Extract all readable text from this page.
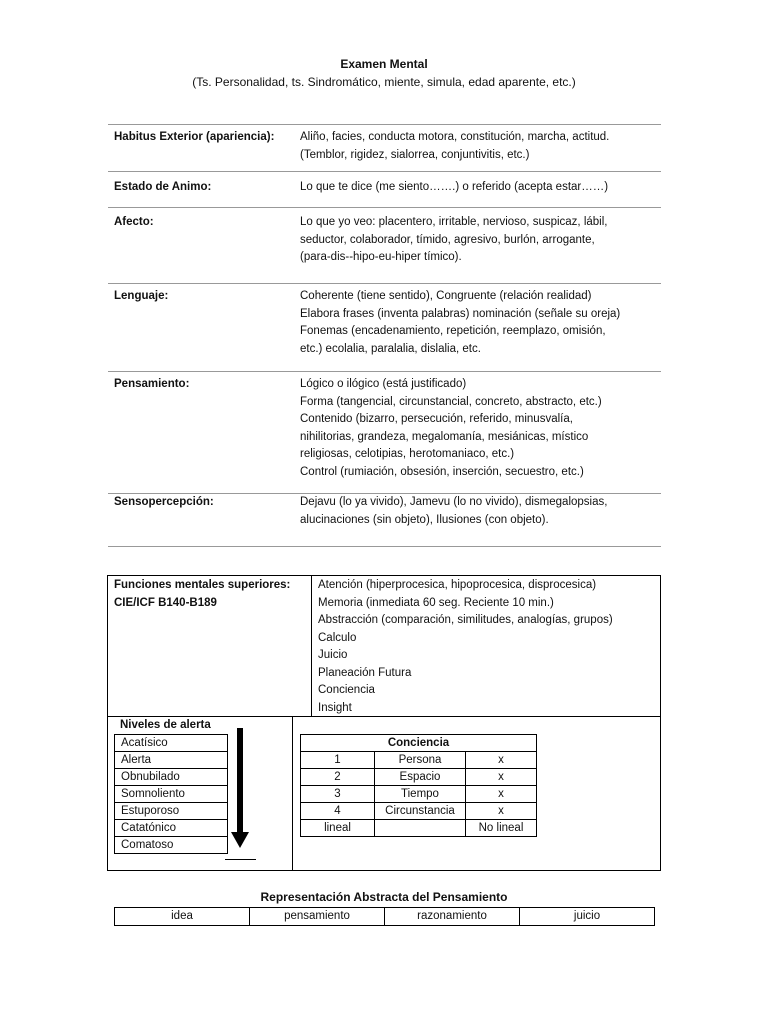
Examen Mental
(Ts. Personalidad, ts. Sindromático, miente, simula, edad aparente, etc.)
Habitus Exterior (apariencia):	Aliño, facies, conducta motora, constitución, marcha, actitud.
(Temblor, rigidez, sialorrea, conjuntivitis, etc.)
Estado de Animo:	Lo que te dice (me siento…….) o referido (acepta estar……)
Afecto:	Lo que yo veo: placentero, irritable, nervioso, suspicaz, lábil,
seductor, colaborador, tímido, agresivo, burlón, arrogante,
(para-dis--hipo-eu-hiper tímico).
Lenguaje:	Coherente (tiene sentido), Congruente (relación realidad)
Elabora frases (inventa palabras) nominación (señale su oreja)
Fonemas (encadenamiento, repetición, reemplazo, omisión,
etc.) ecolalia, paralalia, dislalia, etc.
Pensamiento:	Lógico o ilógico (está justificado)
Forma (tangencial, circunstancial, concreto, abstracto, etc.)
Contenido (bizarro, persecución, referido, minusvalía,
nihilitorias, grandeza, megalomanía, mesiánicas, místico
religiosas, celotipias, herotomaniaco, etc.)
Control (rumiación, obsesión, inserción, secuestro, etc.)
Sensopercepción:	Dejavu (lo ya vivido), Jamevu (lo no vivido), dismegalopsias,
alucinaciones (sin objeto), Ilusiones (con objeto).
Funciones mentales superiores:
CIE/ICF B140-B189
Atención (hiperprocesica, hipoprocesica, disprocesica)
Memoria (inmediata 60 seg. Reciente 10 min.)
Abstracción (comparación, similitudes, analogías, grupos)
Calculo
Juicio
Planeación Futura
Conciencia
Insight
Niveles de alerta
Acatísico
Alerta
Obnubilado
Somnoliento
Estuporoso
Catatónico
Comatoso
Conciencia		
1	Persona	x
2	Espacio	x
3	Tiempo	x
4	Circunstancia	x
lineal		No lineal
Representación Abstracta del Pensamiento
idea	pensamiento	razonamiento	juicio
